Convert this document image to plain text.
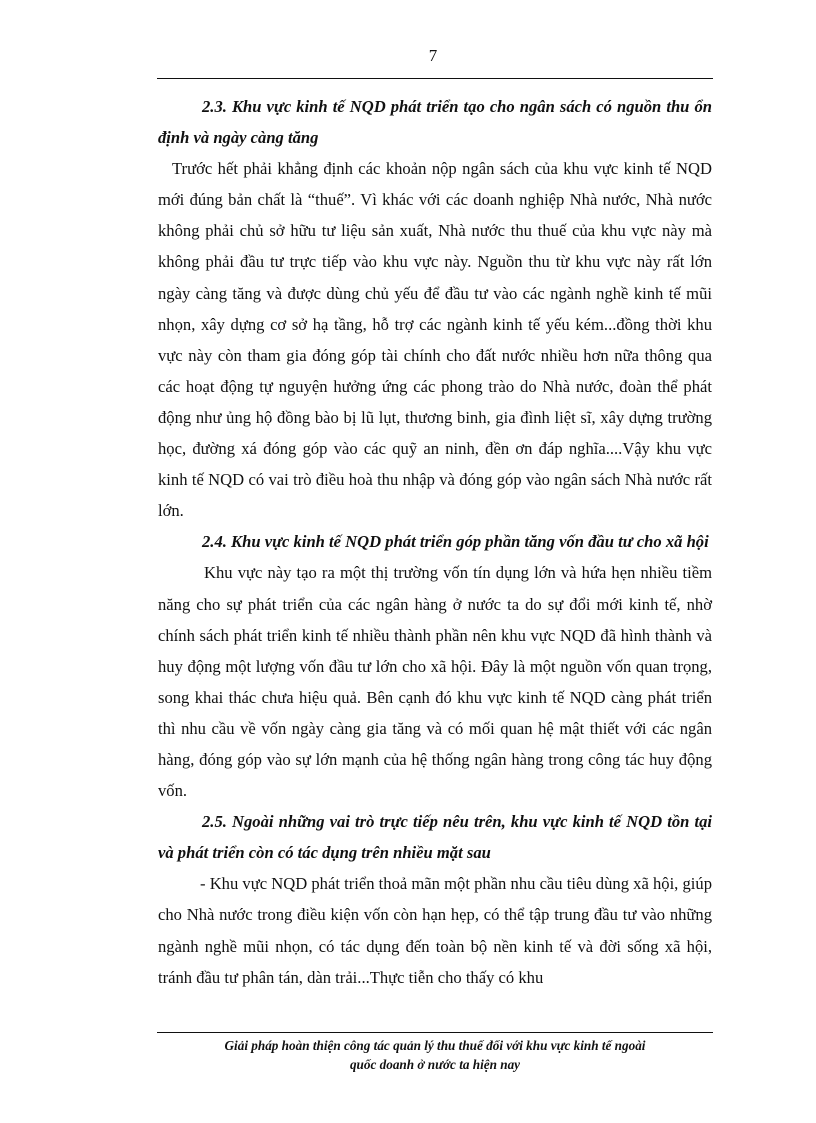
7

2.3. Khu vực kinh tế NQD phát triển tạo cho ngân sách có nguồn thu ổn định và ngày càng tăng

Trước hết phải khẳng định các khoản nộp ngân sách của khu vực kinh tế NQD mới đúng bản chất là “thuế”. Vì khác với các doanh nghiệp Nhà nước, Nhà nước không phải chủ sở hữu tư liệu sản xuất, Nhà nước thu thuế của khu vực này mà không phải đầu tư trực tiếp vào khu vực này. Nguồn thu từ khu vực này rất lớn ngày càng tăng và được dùng chủ yếu để đầu tư vào các ngành nghề kinh tế mũi nhọn, xây dựng cơ sở hạ tầng, hỗ trợ các ngành kinh tế yếu kém...đồng thời khu vực này còn tham gia đóng góp tài chính cho đất nước nhiều hơn nữa thông qua các hoạt động tự nguyện hưởng ứng các phong trào do Nhà nước, đoàn thể phát động như ủng hộ đồng bào bị lũ lụt, thương binh, gia đình liệt sĩ, xây dựng trường học, đường xá đóng góp vào các quỹ an ninh, đền ơn đáp nghĩa....Vậy khu vực kinh tế NQD có vai trò điều hoà thu nhập và đóng góp vào ngân sách Nhà nước rất lớn.

2.4. Khu vực kinh tế NQD phát triển góp phần tăng vốn đầu tư cho xã hội

Khu vực này tạo ra một thị trường vốn tín dụng lớn và hứa hẹn nhiều tiềm năng cho sự phát triển của các ngân hàng ở nước ta do sự đổi mới kinh tế, nhờ chính sách phát triển kinh tế nhiều thành phần nên khu vực NQD đã hình thành và huy động một lượng vốn đầu tư lớn cho xã hội. Đây là một nguồn vốn quan trọng, song khai thác chưa hiệu quả. Bên cạnh đó khu vực kinh tế NQD càng phát triển thì nhu cầu về vốn ngày càng gia tăng và có mối quan hệ mật thiết với các ngân hàng, đóng góp vào sự lớn mạnh của hệ thống ngân hàng trong công tác huy động vốn.

2.5. Ngoài những vai trò trực tiếp nêu trên, khu vực kinh tế NQD tồn tại và phát triển còn có tác dụng trên nhiều mặt sau

- Khu vực NQD phát triển thoả mãn một phần nhu cầu tiêu dùng xã hội, giúp cho Nhà nước trong điều kiện vốn còn hạn hẹp, có thể tập trung đầu tư vào những ngành nghề mũi nhọn, có tác dụng đến toàn bộ nền kinh tế và đời sống xã hội, tránh đầu tư phân tán, dàn trải...Thực tiễn cho thấy có khu

Giải pháp hoàn thiện công tác quản lý thu thuế đối với khu vực kinh tế ngoài
quốc doanh ở nước ta hiện nay
